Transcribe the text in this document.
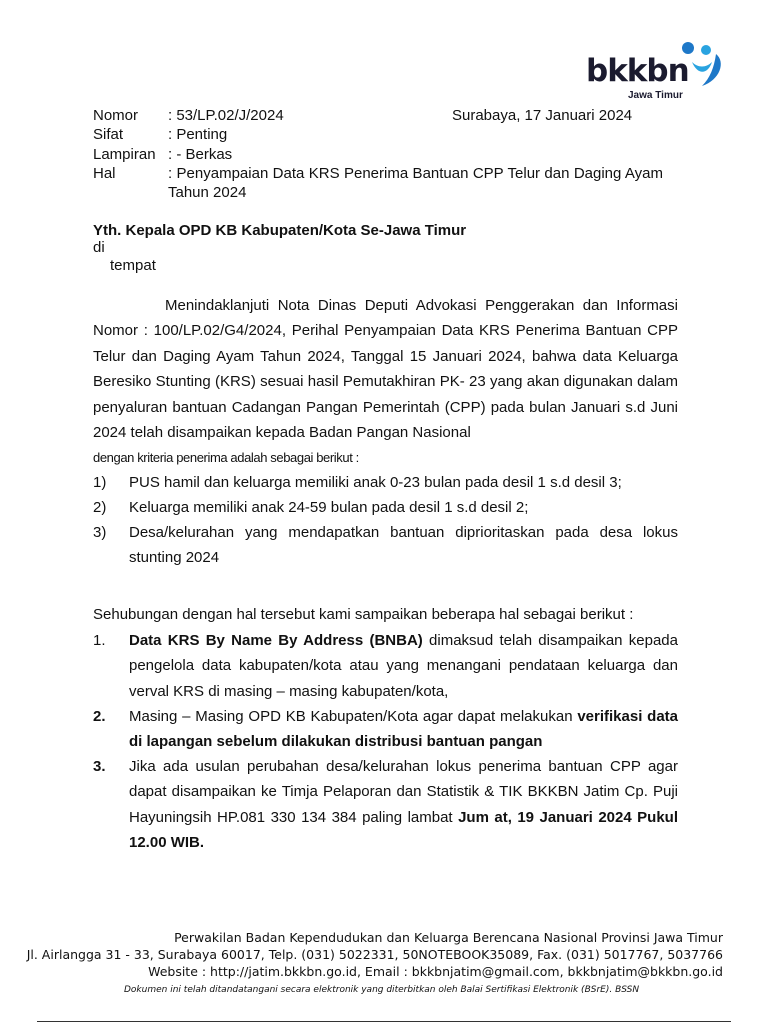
bkkbn
Jawa Timur
Nomor : 53/LP.02/J/2024	Surabaya, 17 Januari 2024
Sifat	: Penting
Lampiran : - Berkas
Hal	: Penyampaian Data KRS Penerima Bantuan CPP Telur dan Daging Ayam Tahun 2024
Yth. Kepala OPD KB Kabupaten/Kota Se-Jawa Timur
di
tempat
Menindaklanjuti Nota Dinas Deputi Advokasi Penggerakan dan Informasi Nomor : 100/LP.02/G4/2024, Perihal Penyampaian Data KRS Penerima Bantuan CPP Telur dan Daging Ayam Tahun 2024, Tanggal 15 Januari 2024, bahwa data Keluarga Beresiko Stunting (KRS) sesuai hasil Pemutakhiran PK- 23 yang akan digunakan dalam penyaluran bantuan Cadangan Pangan Pemerintah (CPP) pada bulan Januari s.d Juni 2024 telah disampaikan kepada Badan Pangan Nasional
dengan kriteria penerima adalah sebagai berikut :
1) PUS hamil dan keluarga memiliki anak 0-23 bulan pada desil 1 s.d desil 3;
2) Keluarga memiliki anak 24-59 bulan pada desil 1 s.d desil 2;
3) Desa/kelurahan yang mendapatkan bantuan diprioritaskan pada desa lokus stunting 2024
Sehubungan dengan hal tersebut kami sampaikan beberapa hal sebagai berikut :
1. Data KRS By Name By Address (BNBA) dimaksud telah disampaikan kepada pengelola data kabupaten/kota atau yang menangani pendataan keluarga dan verval KRS di masing – masing kabupaten/kota,
2. Masing – Masing OPD KB Kabupaten/Kota agar dapat melakukan verifikasi data di lapangan sebelum dilakukan distribusi bantuan pangan
3. Jika ada usulan perubahan desa/kelurahan lokus penerima bantuan CPP agar dapat disampaikan ke Timja Pelaporan dan Statistik & TIK BKKBN Jatim Cp. Puji Hayuningsih HP.081 330 134 384 paling lambat Jum at, 19 Januari 2024 Pukul 12.00 WIB.
Perwakilan Badan Kependudukan dan Keluarga Berencana Nasional Provinsi Jawa Timur
Jl. Airlangga 31 - 33, Surabaya 60017, Telp. (031) 5022331, 50NOTEBOOK35089, Fax. (031) 5017767, 5037766
Website : http://jatim.bkkbn.go.id, Email : bkkbnjatim@gmail.com, bkkbnjatim@bkkbn.go.id
Dokumen ini telah ditandatangani secara elektronik yang diterbitkan oleh Balai Sertifikasi Elektronik (BSrE). BSSN
